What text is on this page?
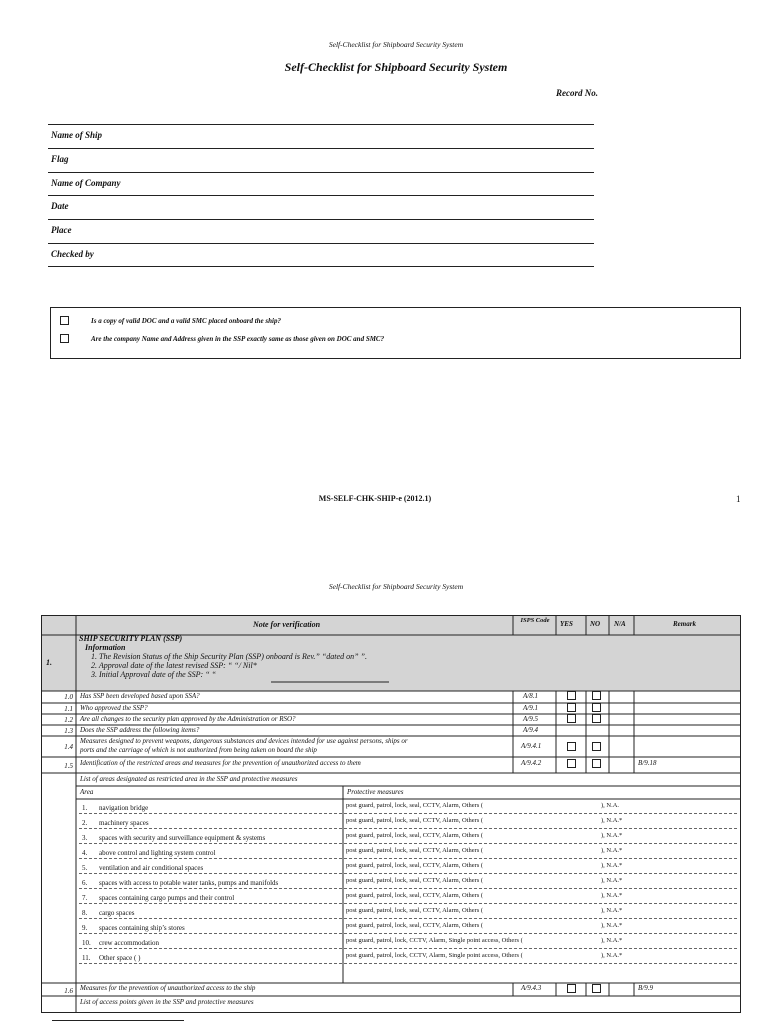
Self-Checklist for Shipboard Security System
Self-Checklist for Shipboard Security System
Record No.
Name of Ship
Flag
Name of Company
Date
Place
Checked by
Is a copy of valid DOC and a valid SMC placed onboard the ship?
Are the company Name and Address given in the SSP exactly same as those given on DOC and SMC?
MS-SELF-CHK-SHIP-e (2012.1)	1
Self-Checklist for Shipboard Security System
Note for verification	ISPS Code YES NO N/A	Remark
1.
SHIP SECURITY PLAN (SSP)
Information
1. The Revision Status of the Ship Security Plan (SSP) onboard is Rev.” “dated on” ”.
2. Approval date of the latest revised SSP: “ “/ Nil*
3. Initial Approval date of the SSP: “ “
1.0 Has SSP been developed based upon SSA?	A/8.1
1.1 Who approved the SSP?	A/9.1
1.2 Are all changes to the security plan approved by the Administration or RSO?	A/9.5
1.3 Does the SSP address the following items?	A/9.4
1.4
Measures designed to prevent weapons, dangerous substances and devices intended for use against persons, ships or
ports and the carriage of which is not authorized from being taken on board the ship	A/9.4.1
1.5 Identification of the restricted areas and measures for the prevention of unauthorized access to them	A/9.4.2	B/9.18
List of areas designated as restricted area in the SSP and protective measures
Area	Protective measures
1. navigation bridge	post guard, patrol, lock, seal, CCTV, Alarm, Others (	), N.A.
2. machinery spaces	post guard, patrol, lock, seal, CCTV, Alarm, Others (	), N.A.*
3. spaces with security and surveillance equipment & systems	post guard, patrol, lock, seal, CCTV, Alarm, Others (	), N.A.*
4. above control and lighting system control	post guard, patrol, lock, seal, CCTV, Alarm, Others (	), N.A.*
5. ventilation and air conditional spaces	post guard, patrol, lock, seal, CCTV, Alarm, Others (	), N.A.*
6. spaces with access to potable water tanks, pumps and manifolds	post guard, patrol, lock, seal, CCTV, Alarm, Others (	), N.A.*
7. spaces containing cargo pumps and their control	post guard, patrol, lock, seal, CCTV, Alarm, Others (	), N.A.*
8. cargo spaces	post guard, patrol, lock, seal, CCTV, Alarm, Others (	), N.A.*
9. spaces containing ship’s stores	post guard, patrol, lock, seal, CCTV, Alarm, Others (	), N.A.*
10. crew accommodation	post guard, patrol, lock, CCTV, Alarm, Single point access, Others (	), N.A.*
11. Other space ( )	post guard, patrol, lock, CCTV, Alarm, Single point access, Others (	), N.A.*
1.6 Measures for the prevention of unauthorized access to the ship	A/9.4.3	B/9.9
List of access points given in the SSP and protective measures
